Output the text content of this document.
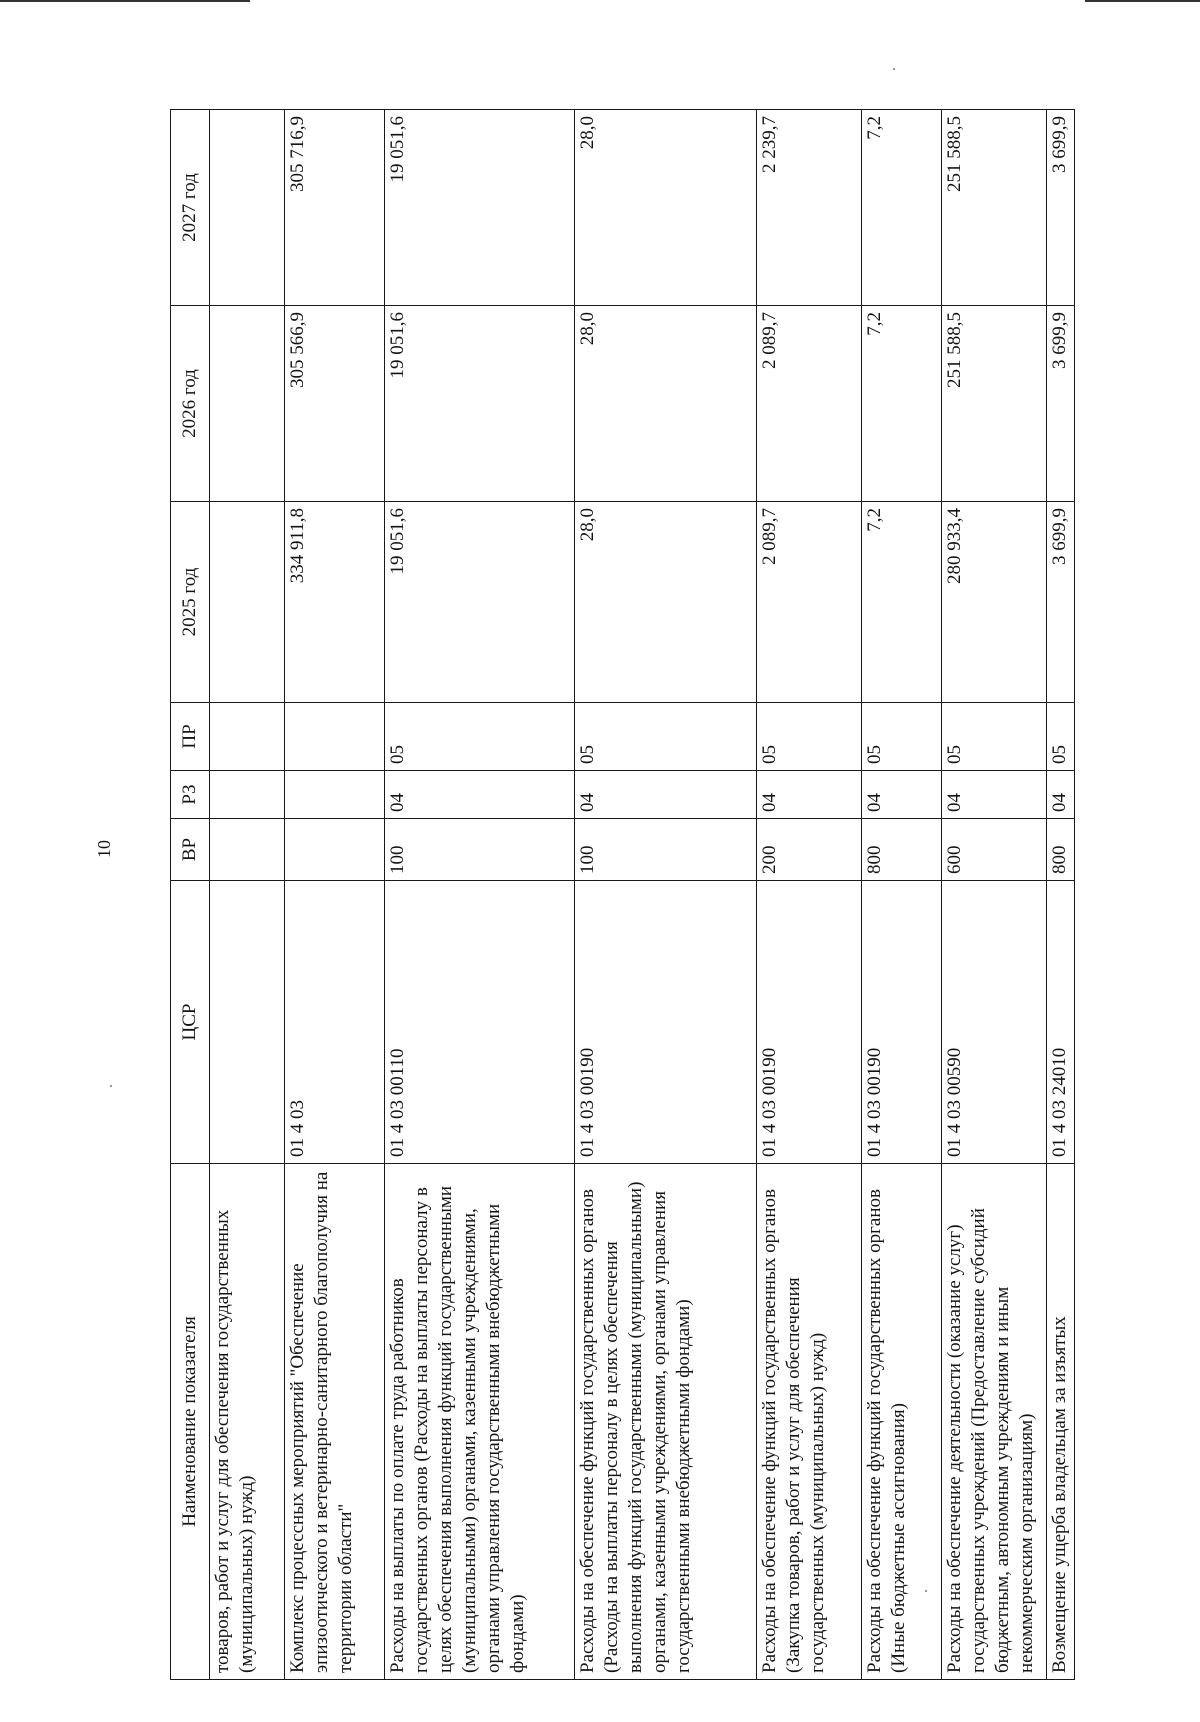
10
Наименование показателя	ЦСР	ВР	РЗ	ПР	2025 год	2026 год	2027 год
товаров, работ и услуг для обеспечения государственных (муниципальных) нужд)							
Комплекс процессных мероприятий "Обеспечение эпизоотического и ветеринарно-санитарного благополучия на территории области"	01 4 03				334 911,8	305 566,9	305 716,9
Расходы на выплаты по оплате труда работников государственных органов (Расходы на выплаты персоналу в целях обеспечения выполнения функций государственными (муниципальными) органами, казенными учреждениями, органами управления государственными внебюджетными фондами)	01 4 03 00110	100	04	05	19 051,6	19 051,6	19 051,6
Расходы на обеспечение функций государственных органов (Расходы на выплаты персоналу в целях обеспечения выполнения функций государственными (муниципальными) органами, казенными учреждениями, органами управления государственными внебюджетными фондами)	01 4 03 00190	100	04	05	28,0	28,0	28,0
Расходы на обеспечение функций государственных органов (Закупка товаров, работ и услуг для обеспечения государственных (муниципальных) нужд)	01 4 03 00190	200	04	05	2 089,7	2 089,7	2 239,7
Расходы на обеспечение функций государственных органов (Иные бюджетные ассигнования)	01 4 03 00190	800	04	05	7,2	7,2	7,2
Расходы на обеспечение деятельности (оказание услуг) государственных учреждений (Предоставление субсидий бюджетным, автономным учреждениям и иным некоммерческим организациям)	01 4 03 00590	600	04	05	280 933,4	251 588,5	251 588,5
Возмещение ущерба владельцам за изъятых	01 4 03 24010	800	04	05	3 699,9	3 699,9	3 699,9
